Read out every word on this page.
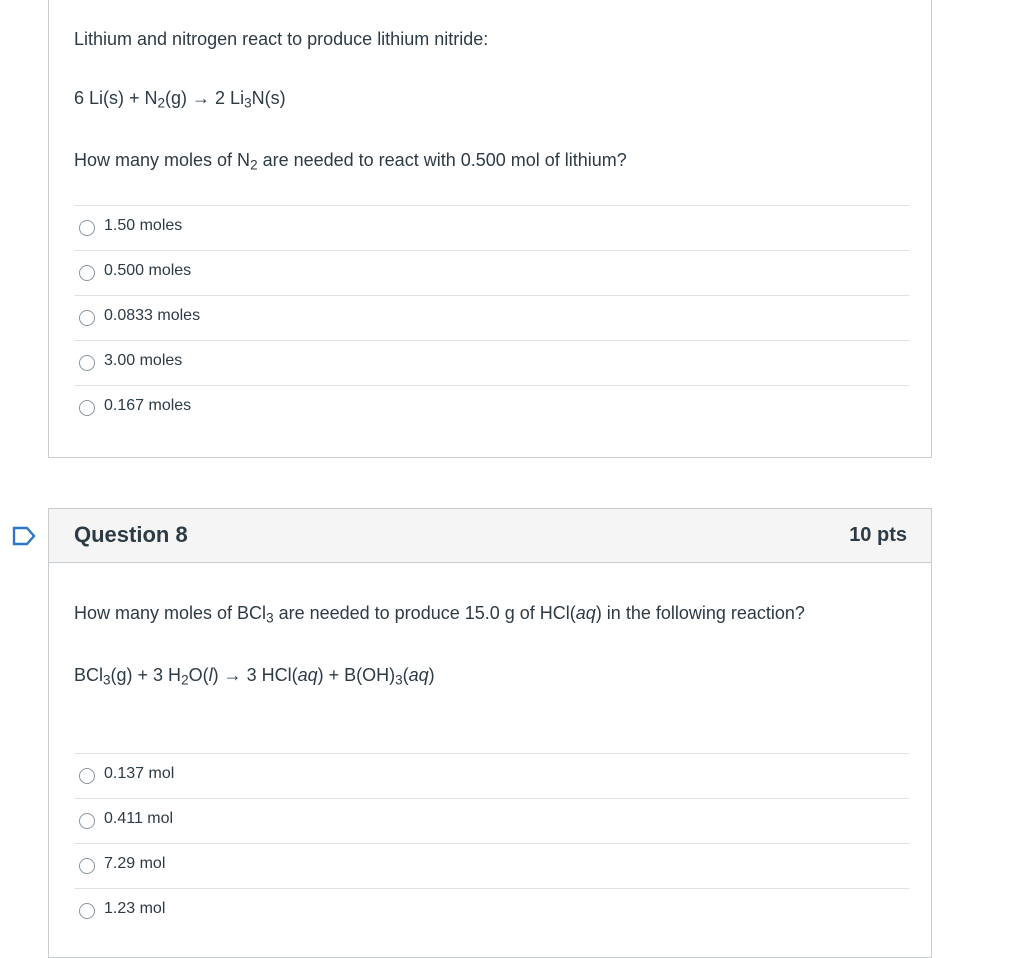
Lithium and nitrogen react to produce lithium nitride:
6 $Li(s) + N_2(g) \to 2$ $Li_3N(s)$
How many moles of $N_2$ are needed to react with 0.500 mol of lithium?
1.50 moles
0.500 moles
0.0833 moles
3.00 moles
0.167 moles
Question 8	10 pts
How many moles of BCl$_3$ are needed to produce 15.0 g of HCl(aq) in the following reaction?
BCl$_3$(g) + 3 $H_2O(l) \to 3$ $HCl(aq) + B(OH)_3(aq)$
0.137 mol
0.411 mol
7.29 mol
1.23 mol
